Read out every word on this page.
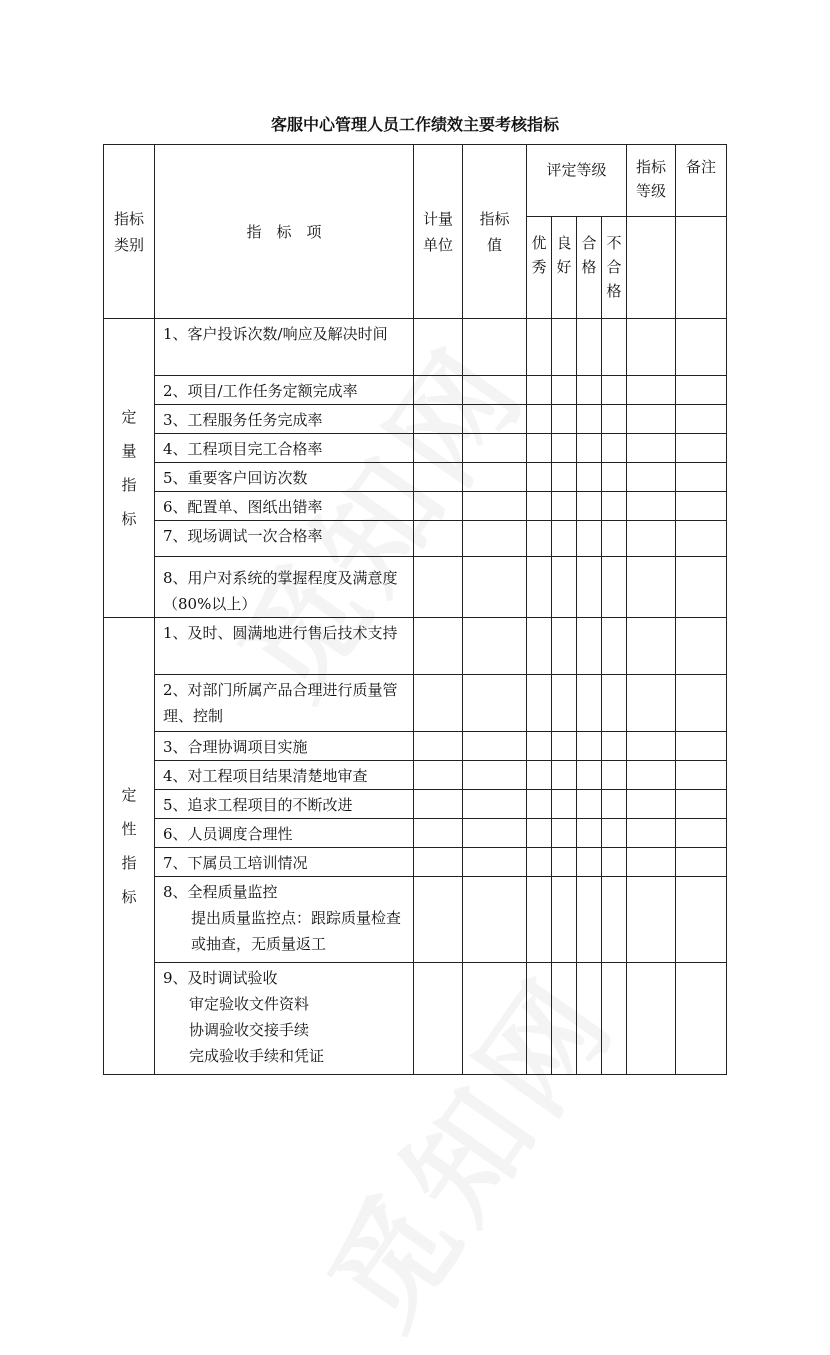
客服中心管理人员工作绩效主要考核指标
指标类别	指　标　项	计量单位	指标值	评定等级				指标等级	备注

				优秀	良好	合格	不合格		

定量指标	1、客户投诉次数/响应及解决时间								
	2、项目/工作任务定额完成率								
	3、工程服务任务完成率								
	4、工程项目完工合格率								
	5、重要客户回访次数								
	6、配置单、图纸出错率								
	7、现场调试一次合格率								
	8、用户对系统的掌握程度及满意度（80%以上）								

定性指标	1、及时、圆满地进行售后技术支持								
	2、对部门所属产品合理进行质量管理、控制								
	3、合理协调项目实施								
	4、对工程项目结果清楚地审查								
	5、追求工程项目的不断改进								
	6、人员调度合理性								
	7、下属员工培训情况								

	8、全程质量监控
提出质量监控点：跟踪质量检查或抽查，无质量返工								

	9、及时调试验收
审定验收文件资料
协调验收交接手续
完成验收手续和凭证								
